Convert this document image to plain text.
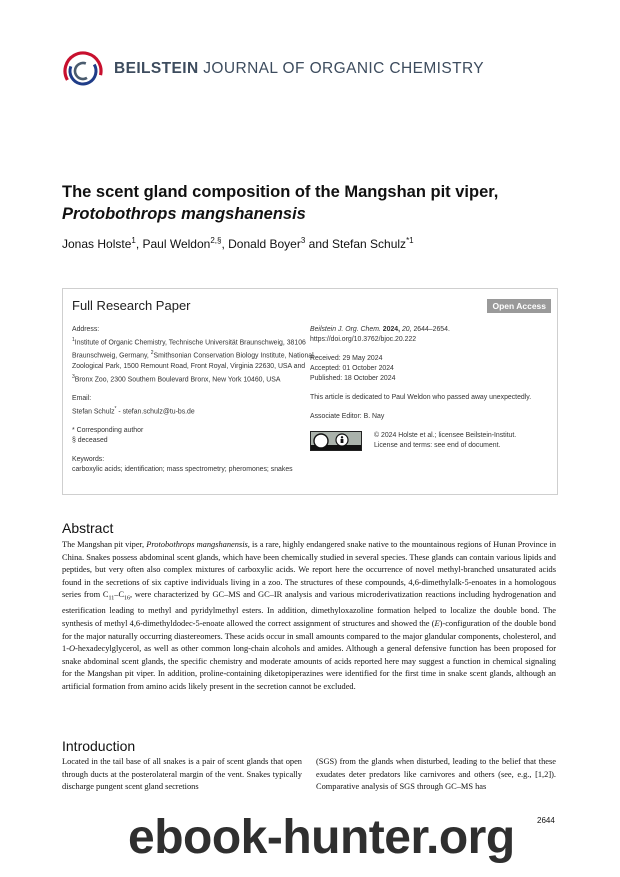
BEILSTEIN JOURNAL OF ORGANIC CHEMISTRY
The scent gland composition of the Mangshan pit viper,
Protobothrops mangshanensis
Jonas Holste$^1$, Paul Weldon$^{2,\S}$, Donald Boyer$^3$ and Stefan Schulz$^{*1}$
Full Research Paper	Open Access

Address:

$^1$Institute of Organic Chemistry, Technische Universität Braunschweig, 38106 Braunschweig, Germany, $^2$Smithsonian Conservation Biology Institute, National Zoological Park, 1500 Remount Road, Front Royal, Virginia 22630, USA and $^3$Bronx Zoo, 2300 Southern Boulevard Bronx, New York 10460, USA

Email:

Stefan Schulz* - stefan.schulz@tu-bs.de

* Corresponding author

§ deceased

Keywords:

carboxylic acids; identification; mass spectrometry; pheromones; snakes

Beilstein J. Org. Chem. 2024, 20, 2644–2654.

https://doi.org/10.3762/bjoc.20.222

Received: 29 May 2024

Accepted: 01 October 2024

Published: 18 October 2024

This article is dedicated to Paul Weldon who passed away unexpectedly.

Associate Editor: B. Nay

© 2024 Holste et al.; licensee Beilstein-Institut.

License and terms: see end of document.

Abstract
The Mangshan pit viper, Protobothrops mangshanensis, is a rare, highly endangered snake native to the mountainous regions of Hunan Province in China. Snakes possess abdominal scent glands, which have been chemically studied in several species. These glands can contain various lipids and peptides, but very often also complex mixtures of carboxylic acids. We report here the occurrence of novel methyl-branched unsaturated acids found in the secretions of six captive individuals living in a zoo. The structures of these compounds, 4,6-dimethylalk-5-enoates in a homologous series from $C_{11}-C_{16}$, were characterized by GC–MS and GC–IR analysis and various microderivatization reactions including hydrogenation and esterification leading to methyl and pyridylmethyl esters. In addition, dimethyloxazoline formation helped to localize the double bond. The synthesis of methyl 4,6-dimethyldodec-5-enoate allowed the correct assignment of structures and showed the (E)-configuration of the double bond for the major naturally occurring diastereomers. These acids occur in small amounts compared to the major glandular components, cholesterol, and 1-O-hexadecylglycerol, as well as other common long-chain alcohols and amides. Although a general defensive function has been proposed for snake abdominal scent glands, the specific chemistry and moderate amounts of acids reported here may suggest a function in chemical signaling for the Mangshan pit viper. In addition, proline-containing diketopiperazines were identified for the first time in snake scent glands, although an artificial formation from amino acids likely present in the secretion cannot be excluded.
Introduction
Located in the tail base of all snakes is a pair of scent glands that open through ducts at the posterolateral margin of the vent. Snakes typically discharge pungent scent gland secretions
(SGS) from the glands when disturbed, leading to the belief that these exudates deter predators like carnivores and others (see, e.g., [1,2]). Comparative analysis of SGS through GC–MS has
2644
ebook-hunter.org
